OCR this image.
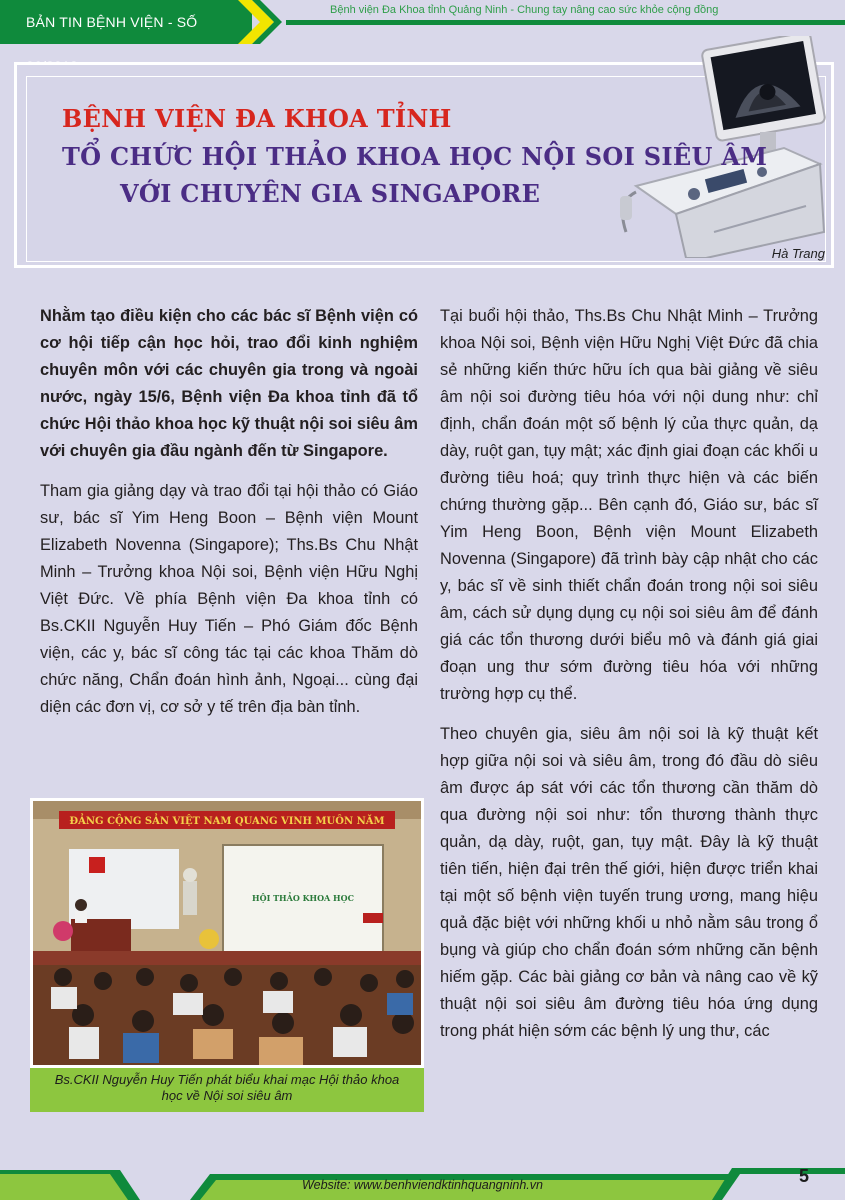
BẢN TIN BỆNH VIỆN - SỐ
Bệnh viện Đa Khoa tỉnh Quảng Ninh - Chung tay nâng cao sức khỏe cộng đồng
BỆNH VIỆN ĐA KHOA TỈNH
TỔ CHỨC HỘI THẢO KHOA HỌC NỘI SOI SIÊU ÂM
VỚI CHUYÊN GIA SINGAPORE
Hà Trang

Nhằm tạo điều kiện cho các bác sĩ Bệnh viện có cơ hội tiếp cận học hỏi, trao đổi kinh nghiệm chuyên môn với các chuyên gia trong và ngoài nước, ngày 15/6, Bệnh viện Đa khoa tỉnh đã tổ chức Hội thảo khoa học kỹ thuật nội soi siêu âm với chuyên gia đầu ngành đến từ Singapore.

Tham gia giảng dạy và trao đổi tại hội thảo có Giáo sư, bác sĩ Yim Heng Boon – Bệnh viện Mount Elizabeth Novenna (Singapore); Ths.Bs Chu Nhật Minh – Trưởng khoa Nội soi, Bệnh viện Hữu Nghị Việt Đức. Về phía Bệnh viện Đa khoa tỉnh có Bs.CKII Nguyễn Huy Tiến – Phó Giám đốc Bệnh viện, các y, bác sĩ công tác tại các khoa Thăm dò chức năng, Chẩn đoán hình ảnh, Ngoại... cùng đại diện các đơn vị, cơ sở y tế trên địa bàn tỉnh.

ĐẢNG CỘNG SẢN VIỆT NAM QUANG VINH MUÔN NĂM
HỘI THẢO KHOA HỌC
Bs.CKII Nguyễn Huy Tiến phát biểu khai mạc Hội thảo khoa học về Nội soi siêu âm

Tại buổi hội thảo, Ths.Bs Chu Nhật Minh – Trưởng khoa Nội soi, Bệnh viện Hữu Nghị Việt Đức đã chia sẻ những kiến thức hữu ích qua bài giảng về siêu âm nội soi đường tiêu hóa với nội dung như: chỉ định, chẩn đoán một số bệnh lý của thực quản, dạ dày, ruột gan, tụy mật; xác định giai đoạn các khối u đường tiêu hoá; quy trình thực hiện và các biến chứng thường gặp... Bên cạnh đó, Giáo sư, bác sĩ Yim Heng Boon, Bệnh viện Mount Elizabeth Novenna (Singapore) đã trình bày cập nhật cho các y, bác sĩ về sinh thiết chẩn đoán trong nội soi siêu âm, cách sử dụng dụng cụ nội soi siêu âm để đánh giá các tổn thương dưới biểu mô và đánh giá giai đoạn ung thư sớm đường tiêu hóa với những trường hợp cụ thể.

Theo chuyên gia, siêu âm nội soi là kỹ thuật kết hợp giữa nội soi và siêu âm, trong đó đầu dò siêu âm được áp sát với các tổn thương cần thăm dò qua đường nội soi như: tổn thương thành thực quản, dạ dày, ruột, gan, tụy mật. Đây là kỹ thuật tiên tiến, hiện đại trên thế giới, hiện được triển khai tại một số bệnh viện tuyến trung ương, mang hiệu quả đặc biệt với những khối u nhỏ nằm sâu trong ổ bụng và giúp cho chẩn đoán sớm những căn bệnh hiếm gặp. Các bài giảng cơ bản và nâng cao về kỹ thuật nội soi siêu âm đường tiêu hóa ứng dụng trong phát hiện sớm các bệnh lý ung thư, các

Website: www.benhviendktinhquangninh.vn	5
